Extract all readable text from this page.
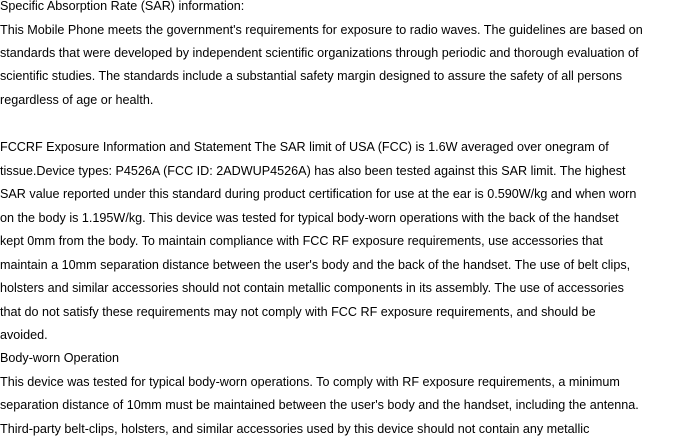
Specific Absorption Rate (SAR) information:
This Mobile Phone meets the government's requirements for exposure to radio waves. The guidelines are based on
standards that were developed by independent scientific organizations through periodic and thorough evaluation of
scientific studies. The standards include a substantial safety margin designed to assure the safety of all persons
regardless of age or health.
FCCRF Exposure Information and Statement The SAR limit of USA (FCC) is 1.6W averaged over onegram of
tissue.Device types: P4526A (FCC ID: 2ADWUP4526A) has also been tested against this SAR limit. The highest
SAR value reported under this standard during product certification for use at the ear is 0.590W/kg and when worn
on the body is 1.195W/kg. This device was tested for typical body-worn operations with the back of the handset
kept 0mm from the body. To maintain compliance with FCC RF exposure requirements, use accessories that
maintain a 10mm separation distance between the user's body and the back of the handset. The use of belt clips,
holsters and similar accessories should not contain metallic components in its assembly. The use of accessories
that do not satisfy these requirements may not comply with FCC RF exposure requirements, and should be
avoided.
Body-worn Operation
This device was tested for typical body-worn operations. To comply with RF exposure requirements, a minimum
separation distance of 10mm must be maintained between the user's body and the handset, including the antenna.
Third-party belt-clips, holsters, and similar accessories used by this device should not contain any metallic
